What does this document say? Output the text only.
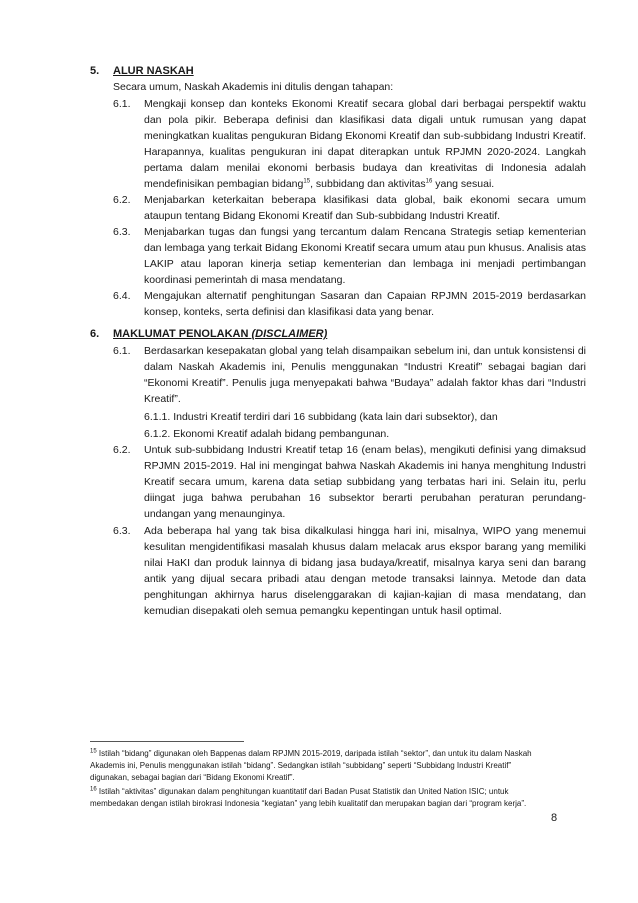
5. ALUR NASKAH
Secara umum, Naskah Akademis ini ditulis dengan tahapan:
6.1. Mengkaji konsep dan konteks Ekonomi Kreatif secara global dari berbagai perspektif waktu
dan pola pikir. Beberapa definisi dan klasifikasi data digali untuk rumusan yang dapat
meningkatkan kualitas pengukuran Bidang Ekonomi Kreatif dan sub-subbidang Industri Kreatif.
Harapannya, kualitas pengukuran ini dapat diterapkan untuk RPJMN 2020-2024. Langkah
pertama dalam menilai ekonomi berbasis budaya dan kreativitas di Indonesia adalah
mendefinisikan pembagian bidang$^{15}$, subbidang dan aktivitas$^{16}$ yang sesuai.
6.2. Menjabarkan keterkaitan beberapa klasifikasi data global, baik ekonomi secara umum
ataupun tentang Bidang Ekonomi Kreatif dan Sub-subbidang Industri Kreatif.
6.3. Menjabarkan tugas dan fungsi yang tercantum dalam Rencana Strategis setiap kementerian
dan lembaga yang terkait Bidang Ekonomi Kreatif secara umum atau pun khusus. Analisis atas
LAKIP atau laporan kinerja setiap kementerian dan lembaga ini menjadi pertimbangan
koordinasi pemerintah di masa mendatang.
6.4. Mengajukan alternatif penghitungan Sasaran dan Capaian RPJMN 2015-2019 berdasarkan
konsep, konteks, serta definisi dan klasifikasi data yang benar.
6. MAKLUMAT PENOLAKAN (DISCLAIMER)
6.1. Berdasarkan kesepakatan global yang telah disampaikan sebelum ini, dan untuk konsistensi di
dalam Naskah Akademis ini, Penulis menggunakan “Industri Kreatif” sebagai bagian dari
“Ekonomi Kreatif”. Penulis juga menyepakati bahwa “Budaya” adalah faktor khas dari “Industri
Kreatif”.
6.1.1. Industri Kreatif terdiri dari 16 subbidang (kata lain dari subsektor), dan
6.1.2. Ekonomi Kreatif adalah bidang pembangunan.
6.2. Untuk sub-subbidang Industri Kreatif tetap 16 (enam belas), mengikuti definisi yang dimaksud
RPJMN 2015-2019. Hal ini mengingat bahwa Naskah Akademis ini hanya menghitung Industri
Kreatif secara umum, karena data setiap subbidang yang terbatas hari ini. Selain itu, perlu
diingat juga bahwa perubahan 16 subsektor berarti perubahan peraturan perundang-
undangan yang menaunginya.
6.3. Ada beberapa hal yang tak bisa dikalkulasi hingga hari ini, misalnya, WIPO yang menemui
kesulitan mengidentifikasi masalah khusus dalam melacak arus ekspor barang yang memiliki
nilai HaKI dan produk lainnya di bidang jasa budaya/kreatif, misalnya karya seni dan barang
antik yang dijual secara pribadi atau dengan metode transaksi lainnya. Metode dan data
penghitungan akhirnya harus diselenggarakan di kajian-kajian di masa mendatang, dan
kemudian disepakati oleh semua pemangku kepentingan untuk hasil optimal.
$^{15}$ Istilah “bidang” digunakan oleh Bappenas dalam RPJMN 2015-2019, daripada istilah “sektor”, dan untuk itu dalam Naskah
Akademis ini, Penulis menggunakan istilah “bidang”. Sedangkan istilah “subbidang” seperti “Subbidang Industri Kreatif”
digunakan, sebagai bagian dari “Bidang Ekonomi Kreatif”.
$^{16}$ Istilah “aktivitas” digunakan dalam penghitungan kuantitatif dari Badan Pusat Statistik dan United Nation ISIC; untuk
membedakan dengan istilah birokrasi Indonesia “kegiatan” yang lebih kualitatif dan merupakan bagian dari “program kerja”.
8
